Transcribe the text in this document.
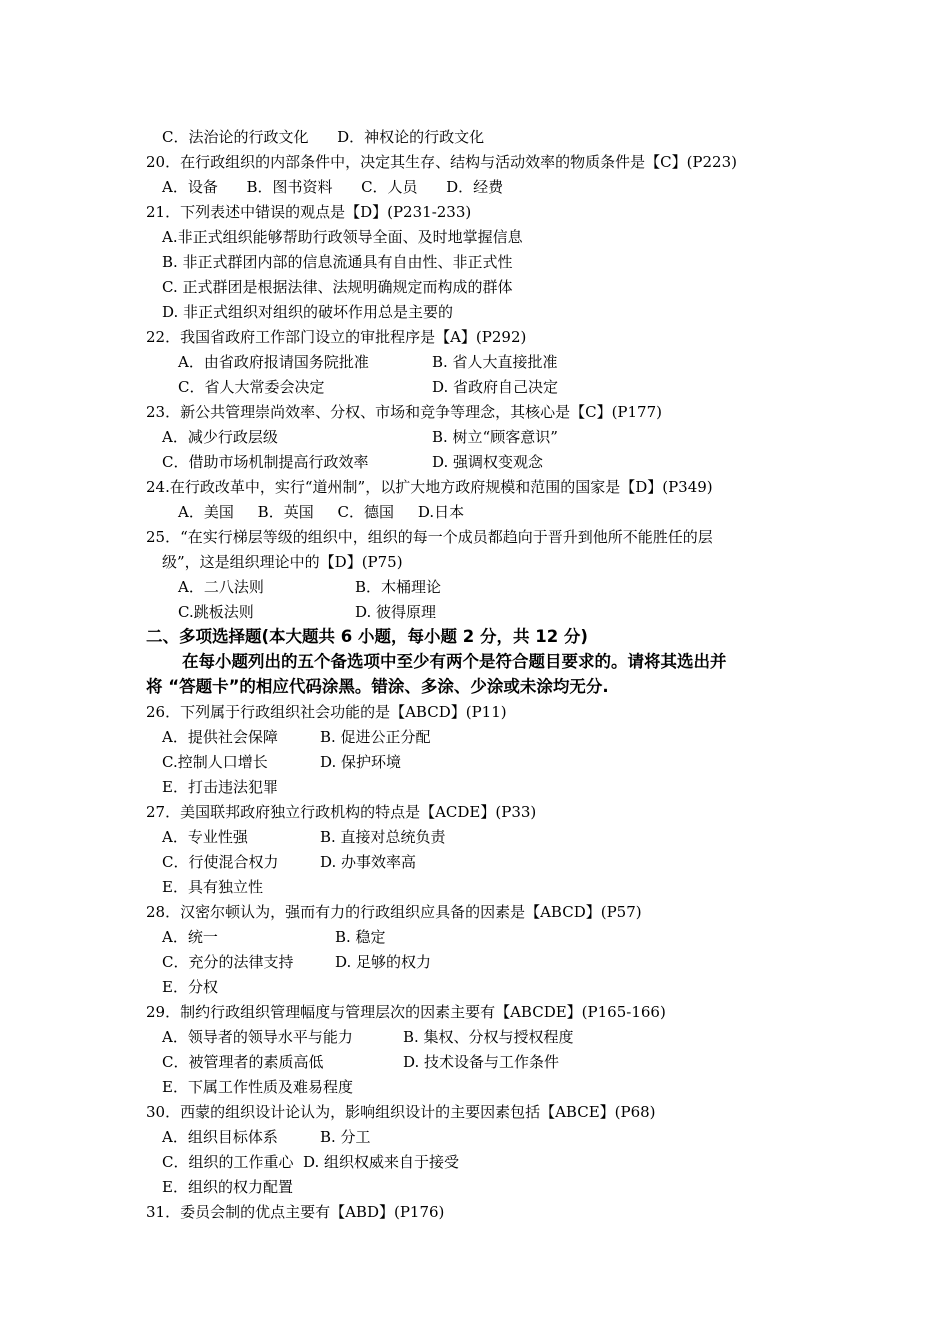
C．法治论的行政文化      D．神权论的行政文化
20．在行政组织的内部条件中，决定其生存、结构与活动效率的物质条件是【C】(P223)
A．设备      B．图书资料      C．人员      D．经费
21．下列表述中错误的观点是【D】(P231-233)
A.非正式组织能够帮助行政领导全面、及时地掌握信息
B. 非正式群团内部的信息流通具有自由性、非正式性
C. 正式群团是根据法律、法规明确规定而构成的群体
D. 非正式组织对组织的破坏作用总是主要的
22．我国省政府工作部门设立的审批程序是【A】(P292)
A．由省政府报请国务院批准	B. 省人大直接批准
C．省人大常委会决定	D. 省政府自己决定
23．新公共管理崇尚效率、分权、市场和竞争等理念，其核心是【C】(P177)
A．减少行政层级	B. 树立“顾客意识”
C．借助市场机制提高行政效率	D. 强调权变观念
24.在行政改革中，实行“道州制”，以扩大地方政府规模和范围的国家是【D】(P349)
A．美国     B．英国     C．德国     D.日本
25．“在实行梯层等级的组织中，组织的每一个成员都趋向于晋升到他所不能胜任的层
级”，这是组织理论中的【D】(P75)
A．二八法则	B．木桶理论
C.跳板法则	D. 彼得原理
二、多项选择题(本大题共 6 小题，每小题 2 分，共 12 分)
在每小题列出的五个备选项中至少有两个是符合题目要求的。请将其选出并
将 “答题卡”的相应代码涂黑。错涂、多涂、少涂或未涂均无分.
26．下列属于行政组织社会功能的是【ABCD】(P11)
A．提供社会保障	B. 促进公正分配
C.控制人口增长	D. 保护环境
E．打击违法犯罪
27．美国联邦政府独立行政机构的特点是【ACDE】(P33)
A．专业性强	B. 直接对总统负责
C．行使混合权力	D. 办事效率高
E．具有独立性
28．汉密尔顿认为，强而有力的行政组织应具备的因素是【ABCD】(P57)
A．统一	B. 稳定
C．充分的法律支持	D. 足够的权力
E．分权
29．制约行政组织管理幅度与管理层次的因素主要有【ABCDE】(P165-166)
A．领导者的领导水平与能力	B. 集权、分权与授权程度
C．被管理者的素质高低	D. 技术设备与工作条件
E．下属工作性质及难易程度
30．西蒙的组织设计论认为，影响组织设计的主要因素包括【ABCE】(P68)
A．组织目标体系	B. 分工
C．组织的工作重心  D. 组织权威来自于接受
E．组织的权力配置
31．委员会制的优点主要有【ABD】(P176)
